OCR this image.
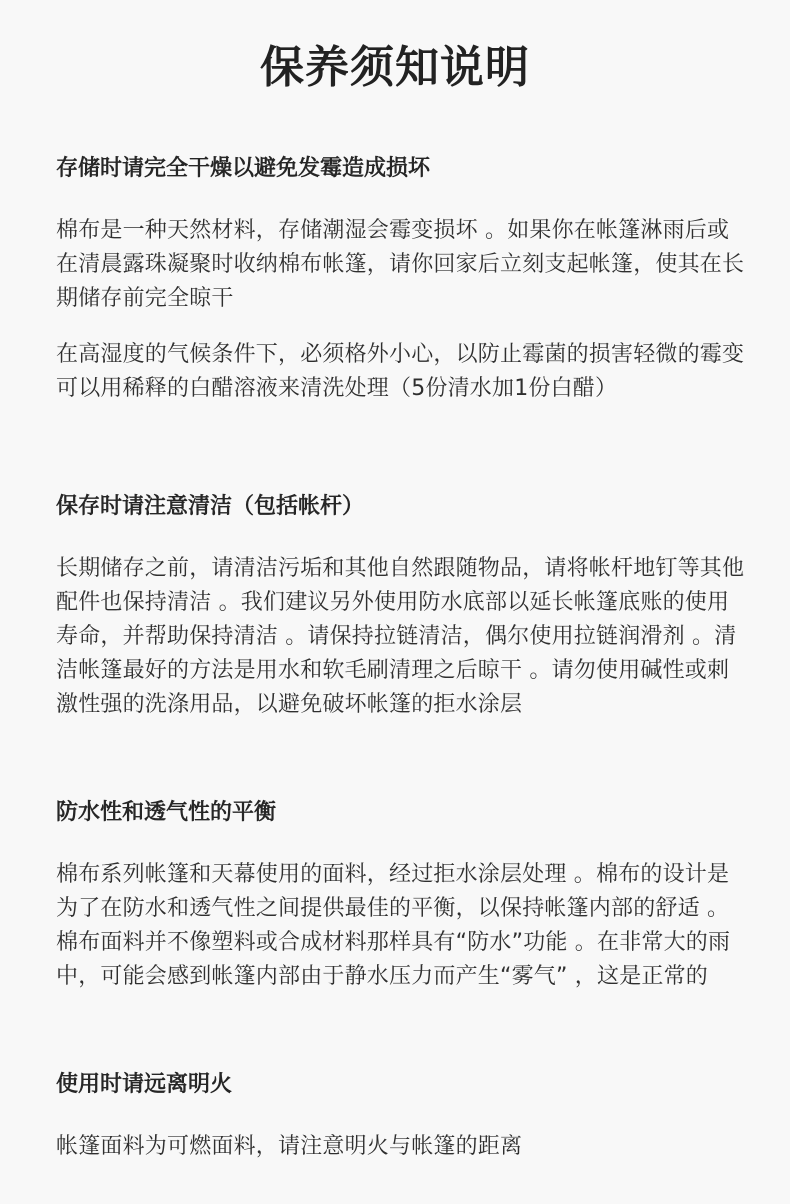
保养须知说明
存储时请完全干燥以避免发霉造成损坏

棉布是一种天然材料，存储潮湿会霉变损坏 。如果你在帐篷淋雨后或在清晨露珠凝聚时收纳棉布帐篷，请你回家后立刻支起帐篷，使其在长期储存前完全晾干

在高湿度的气候条件下，必须格外小心，以防止霉菌的损害轻微的霉变可以用稀释的白醋溶液来清洗处理（5份清水加1份白醋）

保存时请注意清洁（包括帐杆）

长期储存之前，请清洁污垢和其他自然跟随物品，请将帐杆地钉等其他配件也保持清洁 。我们建议另外使用防水底部以延长帐篷底账的使用寿命，并帮助保持清洁 。请保持拉链清洁，偶尔使用拉链润滑剂 。清洁帐篷最好的方法是用水和软毛刷清理之后晾干 。请勿使用碱性或刺激性强的洗涤用品，以避免破坏帐篷的拒水涂层

防水性和透气性的平衡

棉布系列帐篷和天幕使用的面料，经过拒水涂层处理 。棉布的设计是为了在防水和透气性之间提供最佳的平衡，以保持帐篷内部的舒适 。棉布面料并不像塑料或合成材料那样具有“防水”功能 。在非常大的雨中，可能会感到帐篷内部由于静水压力而产生“雾气” ，这是正常的

使用时请远离明火

帐篷面料为可燃面料，请注意明火与帐篷的距离
